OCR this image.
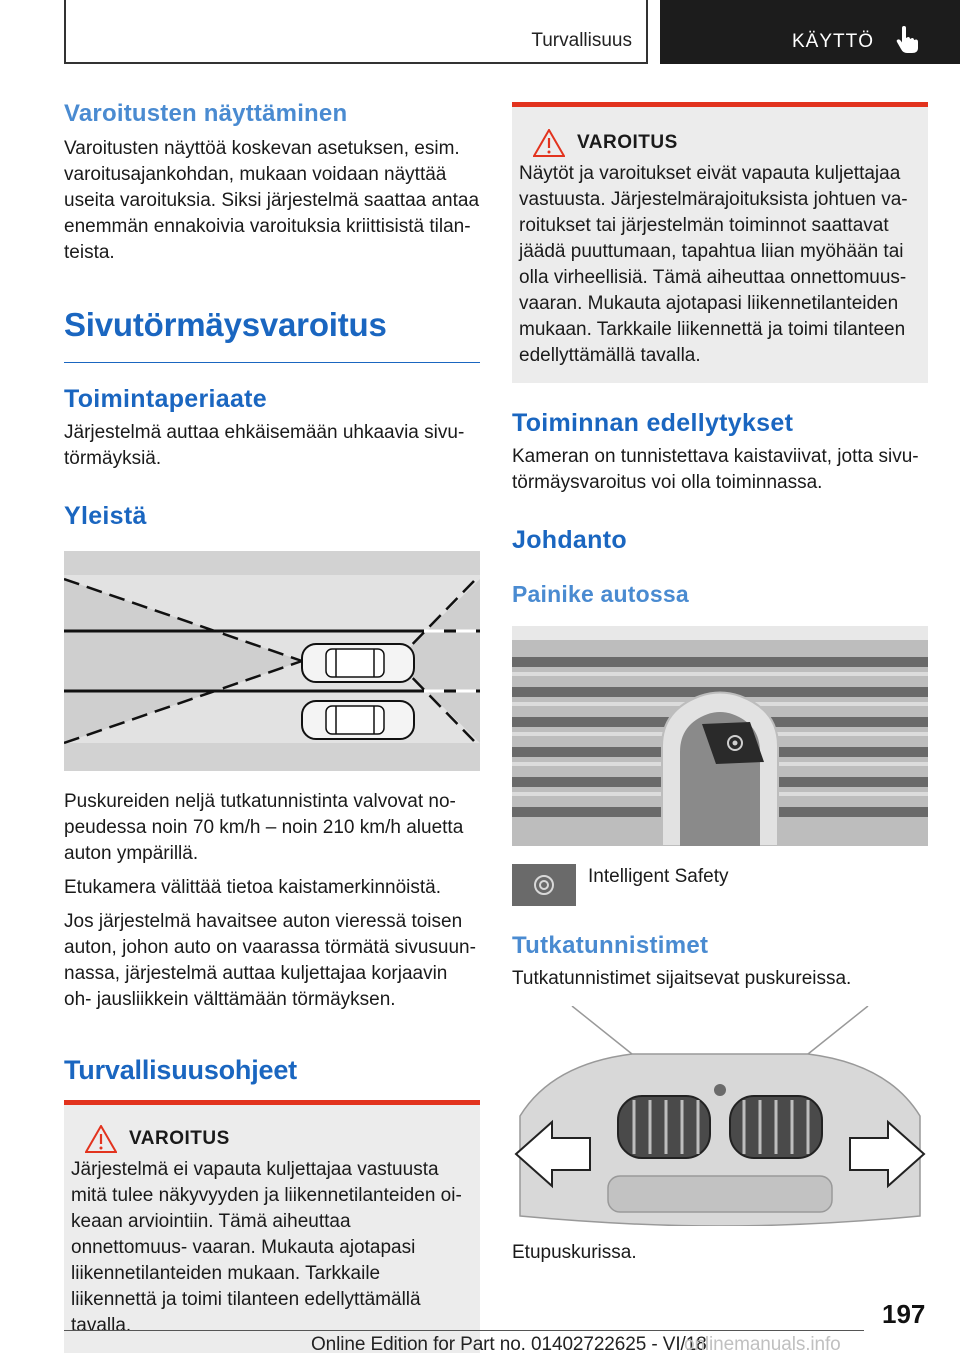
Turvallisuus	KÄYTTÖ
Varoitusten näyttäminen

Varoitusten näyttöä koskevan asetuksen, esim. varoitusajankohdan, mukaan voidaan näyttää useita varoituksia. Siksi järjestelmä saattaa antaa enemmän ennakoivia varoituksia kriittisistä tilan- teista.

Sivutörmäysvaroitus
Toimintaperiaate

Järjestelmä auttaa ehkäisemään uhkaavia sivu- törmäyksiä.

Yleistä

Puskureiden neljä tutkatunnistinta valvovat no- peudessa noin 70 km/h – noin 210 km/h aluetta auton ympärillä.

Etukamera välittää tietoa kaistamerkinnöistä.

Jos järjestelmä havaitsee auton vieressä toisen auton, johon auto on vaarassa törmätä sivusuun- nassa, järjestelmä auttaa kuljettajaa korjaavin oh- jausliikkein välttämään törmäyksen.

Turvallisuusohjeet
VAROITUS

Järjestelmä ei vapauta kuljettajaa vastuusta mitä tulee näkyvyyden ja liikennetilanteiden oi- keaan arviointiin. Tämä aiheuttaa onnettomuus- vaaran. Mukauta ajotapasi liikennetilanteiden mukaan. Tarkkaile liikennettä ja toimi tilanteen edellyttämällä tavalla.

VAROITUS

Näytöt ja varoitukset eivät vapauta kuljettajaa vastuusta. Järjestelmärajoituksista johtuen va- roitukset tai järjestelmän toiminnot saattavat jäädä puuttumaan, tapahtua liian myöhään tai olla virheellisiä. Tämä aiheuttaa onnettomuus- vaaran. Mukauta ajotapasi liikennetilanteiden mukaan. Tarkkaile liikennettä ja toimi tilanteen edellyttämällä tavalla.

Toiminnan edellytykset

Kameran on tunnistettava kaistaviivat, jotta sivu- törmäysvaroitus voi olla toiminnassa.

Johdanto
Painike autossa
Intelligent Safety
Tutkatunnistimet

Tutkatunnistimet sijaitsevat puskureissa.

Etupuskurissa.

197
Online Edition for Part no. 01402722625 - VI/18
onlinemanuals.info
